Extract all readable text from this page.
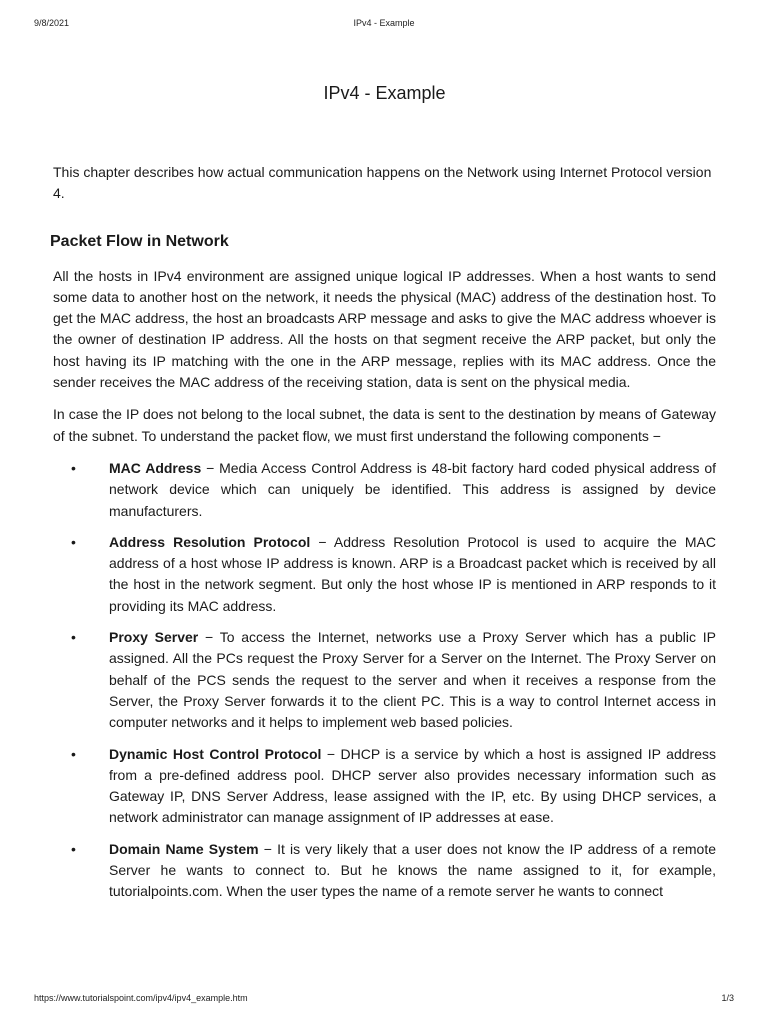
9/8/2021	IPv4 - Example
IPv4 - Example

This chapter describes how actual communication happens on the Network using Internet Protocol version 4.

Packet Flow in Network

All the hosts in IPv4 environment are assigned unique logical IP addresses. When a host wants to send some data to another host on the network, it needs the physical (MAC) address of the destination host. To get the MAC address, the host an broadcasts ARP message and asks to give the MAC address whoever is the owner of destination IP address. All the hosts on that segment receive the ARP packet, but only the host having its IP matching with the one in the ARP message, replies with its MAC address. Once the sender receives the MAC address of the receiving station, data is sent on the physical media.

In case the IP does not belong to the local subnet, the data is sent to the destination by means of Gateway of the subnet. To understand the packet flow, we must first understand the following components −

• MAC Address − Media Access Control Address is 48-bit factory hard coded physical address of network device which can uniquely be identified. This address is assigned by device manufacturers.
• Address Resolution Protocol − Address Resolution Protocol is used to acquire the MAC address of a host whose IP address is known. ARP is a Broadcast packet which is received by all the host in the network segment. But only the host whose IP is mentioned in ARP responds to it providing its MAC address.
• Proxy Server − To access the Internet, networks use a Proxy Server which has a public IP assigned. All the PCs request the Proxy Server for a Server on the Internet. The Proxy Server on behalf of the PCS sends the request to the server and when it receives a response from the Server, the Proxy Server forwards it to the client PC. This is a way to control Internet access in computer networks and it helps to implement web based policies.
• Dynamic Host Control Protocol − DHCP is a service by which a host is assigned IP address from a pre-defined address pool. DHCP server also provides necessary information such as Gateway IP, DNS Server Address, lease assigned with the IP, etc. By using DHCP services, a network administrator can manage assignment of IP addresses at ease.
• Domain Name System − It is very likely that a user does not know the IP address of a remote Server he wants to connect to. But he knows the name assigned to it, for example, tutorialpoints.com. When the user types the name of a remote server he wants to connect
https://www.tutorialspoint.com/ipv4/ipv4_example.htm	1/3
